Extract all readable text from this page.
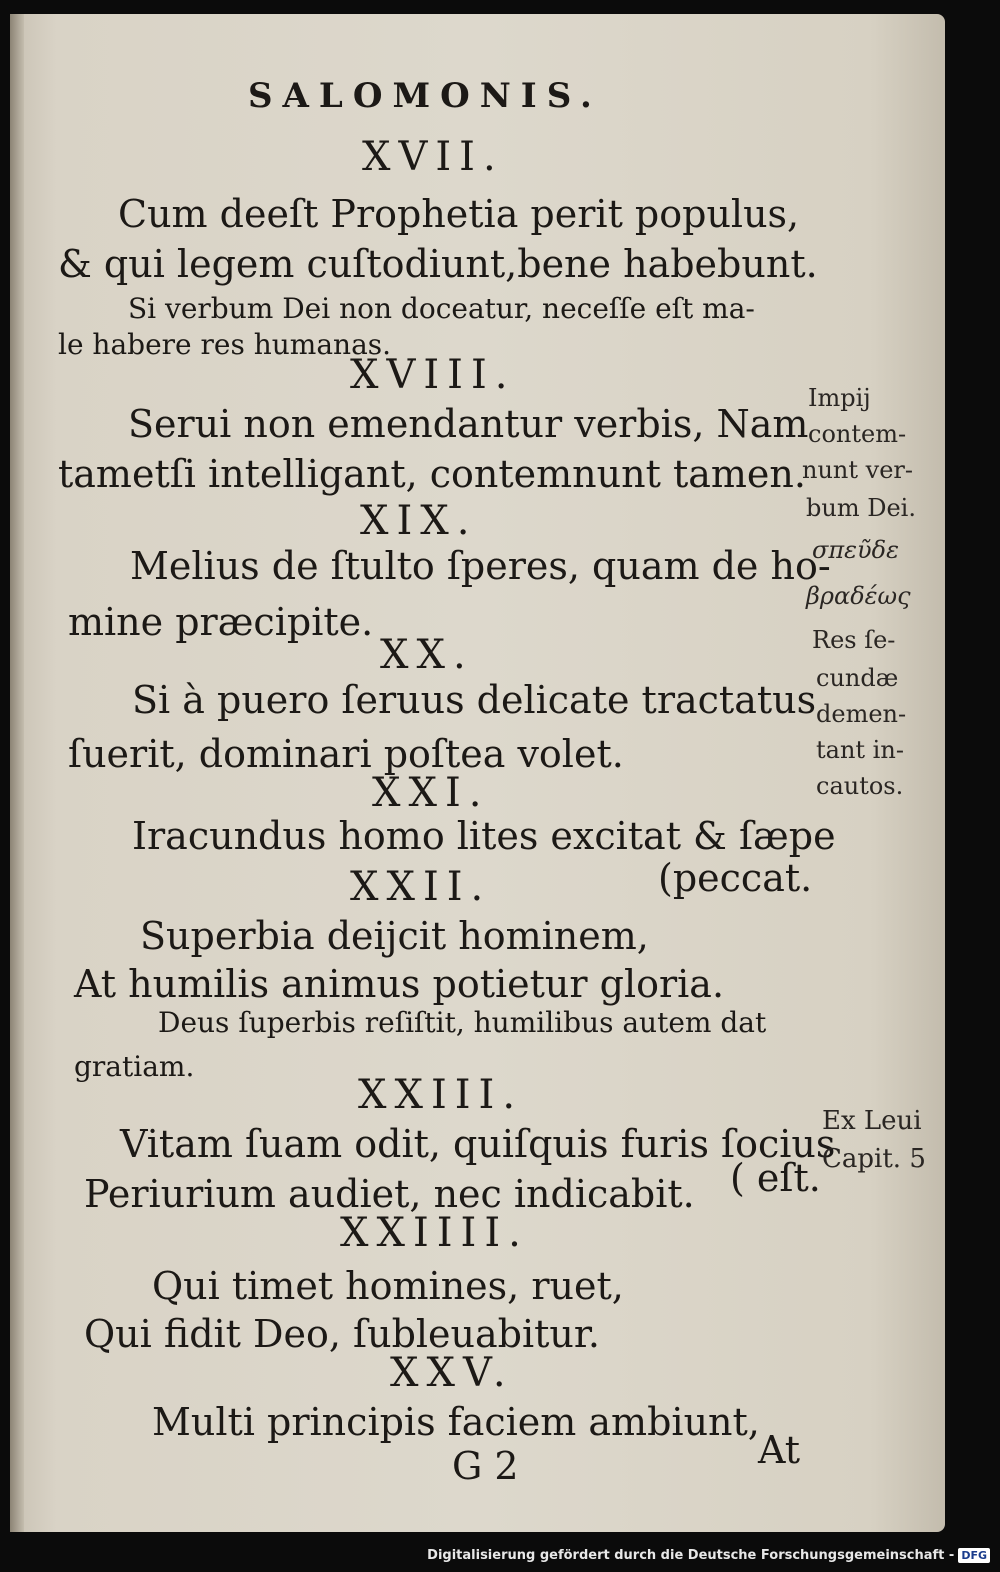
SALOMONIS.

XVII.

Cum deeſt Prophetia perit populus,

& qui legem cuſtodiunt,bene habebunt.

Si verbum Dei non doceatur, neceſſe eſt ma-

le habere res humanas.

XVIII.

Serui non emendantur verbis, Nam

tametſi intelligant, contemnunt tamen.

XIX.

Melius de ſtulto ſperes, quam de ho-

mine præcipite.

XX.

Si à puero ſeruus delicate tractatus

ſuerit, dominari poſtea volet.

XXI.

Iracundus homo lites excitat & ſæpe

(peccat.

XXII.

Superbia deijcit hominem,

At humilis animus potietur gloria.

Deus ſuperbis reſiſtit, humilibus autem dat

gratiam.

XXIII.

Vitam ſuam odit, quiſquis furis ſocius

Periurium audiet, nec indicabit. ( eſt.

XXIIII.

Qui timet homines, ruet,

Qui fidit Deo, ſubleuabitur.

XXV.

Multi principis faciem ambiunt,

G 2	At

Impij

contem-

nunt ver-

bum Dei.

σπεῦδε

βραδέως

Res ſe-

cundæ

demen-

tant in-

cautos.

Ex Leui

Capit. 5

Digitalisierung gefördert durch die Deutsche Forschungsgemeinschaft - DFG
